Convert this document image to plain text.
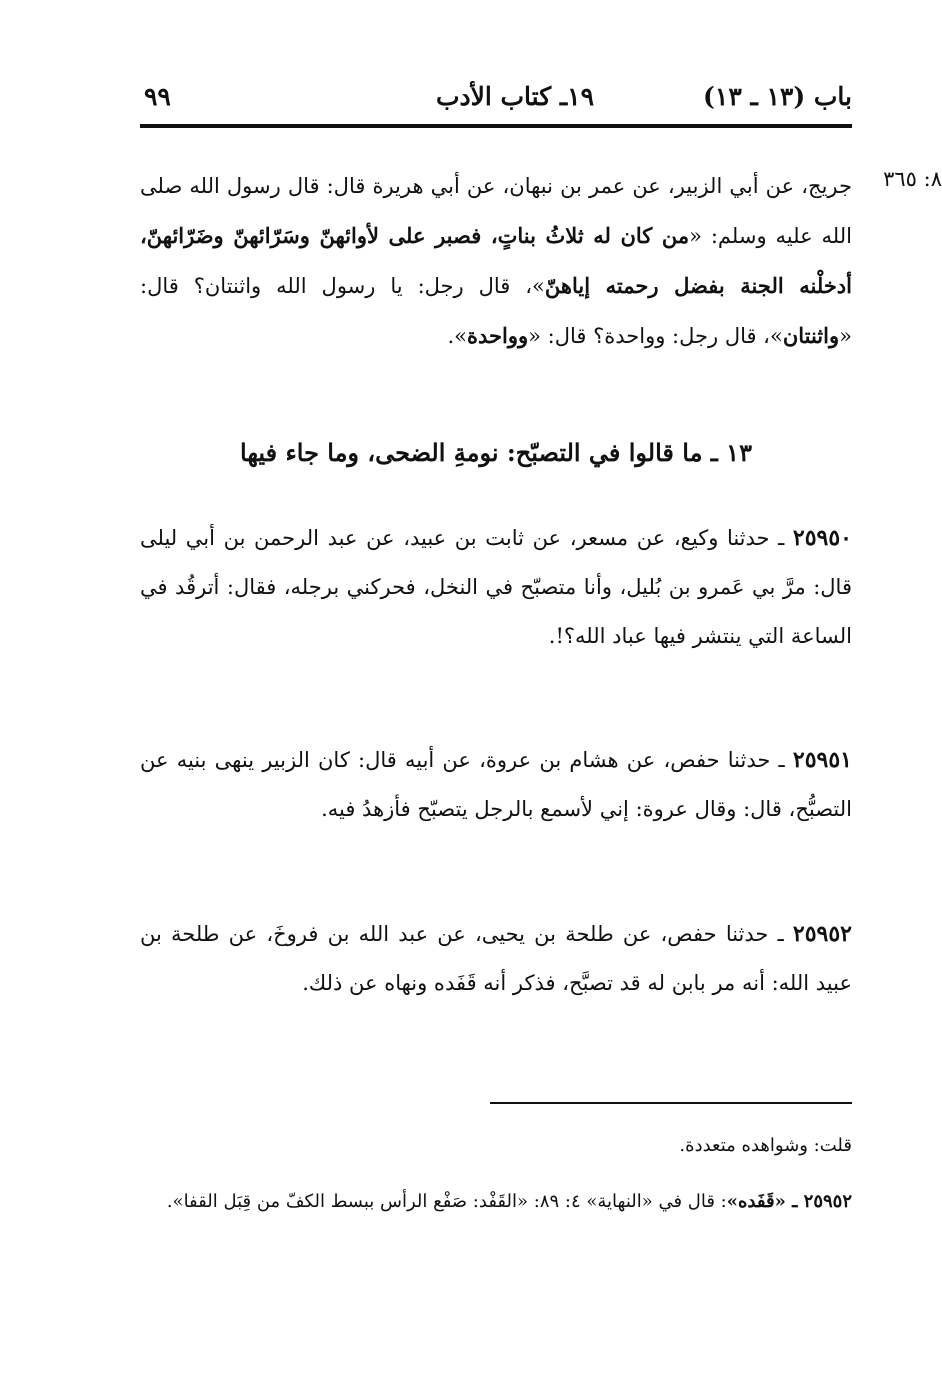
باب (١٣ ـ ١٣)
١٩ـ كتاب الأدب
٩٩
٨: ٣٦٥
جريج، عن أبي الزبير، عن عمر بن نبهان، عن أبي هريرة قال: قال رسول الله صلى الله عليه وسلم: «من كان له ثلاثُ بناتٍ، فصبر على لأوائهنّ وسَرّائهنّ وضَرّائهنّ، أدخلْنه الجنة بفضل رحمته إياهنّ»، قال رجل: يا رسول الله واثنتان؟ قال: «واثنتان»، قال رجل: وواحدة؟ قال: «وواحدة».
١٣ ـ ما قالوا في التصبّح: نومةِ الضحى، وما جاء فيها
٢٥٩٥٠ ـ حدثنا وكيع، عن مسعر، عن ثابت بن عبيد، عن عبد الرحمن بن أبي ليلى قال: مرَّ بي عَمرو بن بُليل، وأنا متصبّح في النخل، فحركني برجله، فقال: أترقُد في الساعة التي ينتشر فيها عباد الله؟!.
٢٥٩٥١ ـ حدثنا حفص، عن هشام بن عروة، عن أبيه قال: كان الزبير ينهى بنيه عن التصبُّح، قال: وقال عروة: إني لأسمع بالرجل يتصبّح فأزهدُ فيه.
٢٥٩٥٢ ـ حدثنا حفص، عن طلحة بن يحيى، عن عبد الله بن فروخَ، عن طلحة بن عبيد الله: أنه مر بابن له قد تصبَّح، فذكر أنه قَفَده ونهاه عن ذلك.
قلت: وشواهده متعددة.
٢٥٩٥٢ ـ «قَفَده»: قال في «النهاية» ٤: ٨٩: «القَفْد: صَفْع الرأس ببسط الكفّ من قِبَل القفا».
